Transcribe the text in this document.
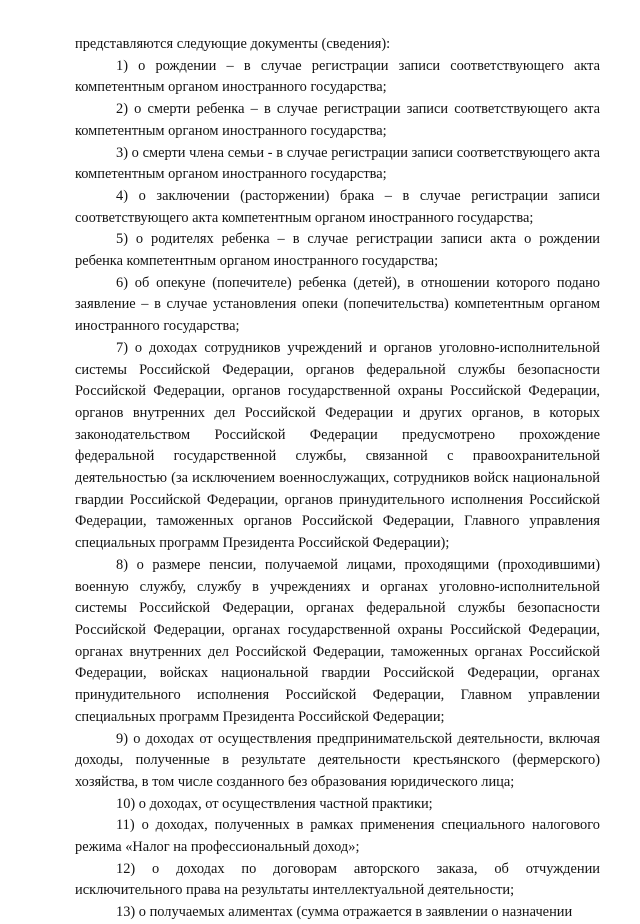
представляются следующие документы (сведения):

1) о рождении – в случае регистрации записи соответствующего акта компетентным органом иностранного государства;

2) о смерти ребенка – в случае регистрации записи соответствующего акта компетентным органом иностранного государства;

3) о смерти члена семьи - в случае регистрации записи соответствующего акта компетентным органом иностранного государства;

4) о заключении (расторжении) брака – в случае регистрации записи соответствующего акта компетентным органом иностранного государства;

5) о родителях ребенка – в случае регистрации записи акта о рождении ребенка компетентным органом иностранного государства;

6) об опекуне (попечителе) ребенка (детей), в отношении которого подано заявление – в случае установления опеки (попечительства) компетентным органом иностранного государства;

7) о доходах сотрудников учреждений и органов уголовно-исполнительной системы Российской Федерации, органов федеральной службы безопасности Российской Федерации, органов государственной охраны Российской Федерации, органов внутренних дел Российской Федерации и других органов, в которых законодательством Российской Федерации предусмотрено прохождение федеральной государственной службы, связанной с правоохранительной деятельностью (за исключением военнослужащих, сотрудников войск национальной гвардии Российской Федерации, органов принудительного исполнения Российской Федерации, таможенных органов Российской Федерации, Главного управления специальных программ Президента Российской Федерации);

8) о размере пенсии, получаемой лицами, проходящими (проходившими) военную службу, службу в учреждениях и органах уголовно-исполнительной системы Российской Федерации, органах федеральной службы безопасности Российской Федерации, органах государственной охраны Российской Федерации, органах внутренних дел Российской Федерации, таможенных органах Российской Федерации, войсках национальной гвардии Российской Федерации, органах принудительного исполнения Российской Федерации, Главном управлении специальных программ Президента Российской Федерации;

9) о доходах от осуществления предпринимательской деятельности, включая доходы, полученные в результате деятельности крестьянского (фермерского) хозяйства, в том числе созданного без образования юридического лица;

10) о доходах, от осуществления частной практики;

11) о доходах, полученных в рамках применения специального налогового режима «Налог на профессиональный доход»;

12) о доходах по договорам авторского заказа, об отчуждении исключительного права на результаты интеллектуальной деятельности;

13) о получаемых алиментах (сумма отражается в заявлении о назначении
